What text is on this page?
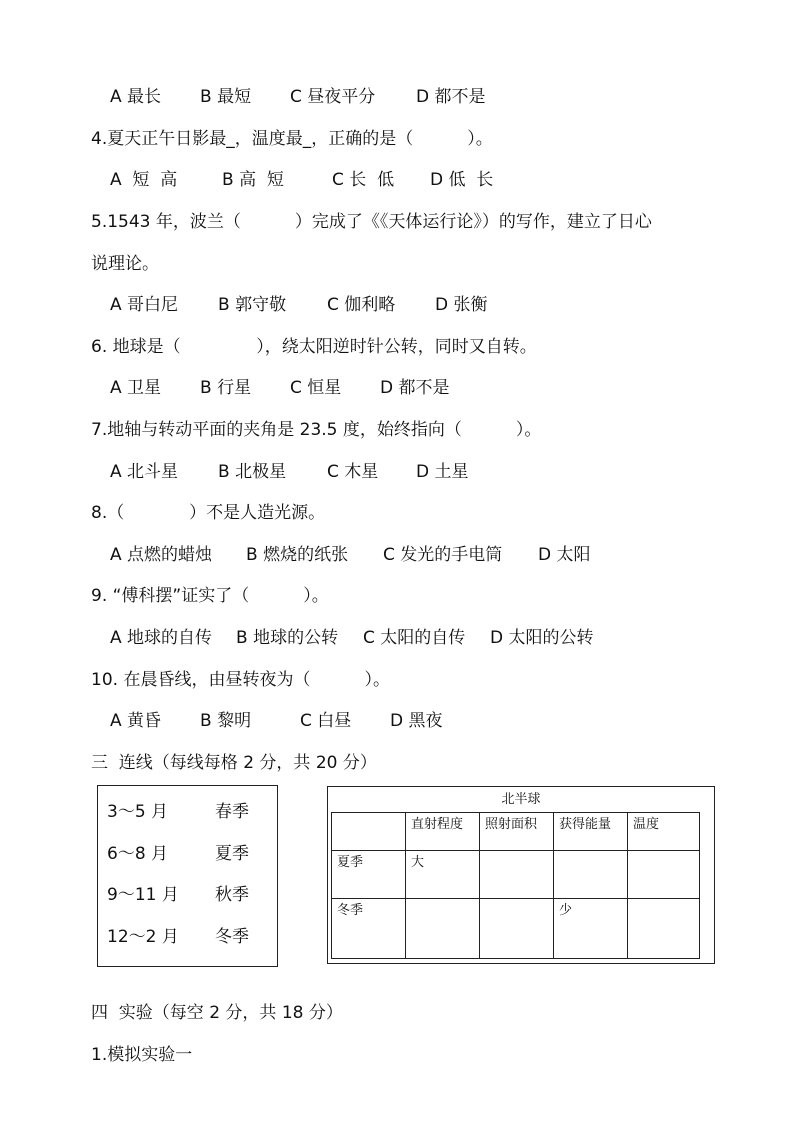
A 最长 B 最短 C 昼夜平分 D 都不是
4.夏天正午日影最_，温度最_，正确的是（          ）。
A  短  高	B 高  短	C 长  低 D 低  长
5.1543 年，波兰（          ）完成了《《天体运行论》）的写作，建立了日心
说理论。
A 哥白尼 B 郭守敬 C 伽利略 D 张衡
6. 地球是（              ），绕太阳逆时针公转，同时又自转。
A 卫星 B 行星 C 恒星 D 都不是
7.地轴与转动平面的夹角是 23.5 度，始终指向（          ）。
A 北斗星 B 北极星 C 木星 D 土星
8.（            ）不是人造光源。
A 点燃的蜡烛 B 燃烧的纸张 C 发光的手电筒 D 太阳
9. “傅科摆”证实了（          ）。
A 地球的自传 B 地球的公转 C 太阳的自传 D 太阳的公转
10. 在晨昏线，由昼转夜为（          ）。
A 黄昏 B 黎明	C 白昼 D 黑夜
三  连线（每线每格 2 分，共 20 分）
3～5 月	春季
6～8 月	夏季
9～11 月 秋季
12～2 月 冬季
北半球
	直射程度	照射面积	获得能量	温度
夏季	大			
冬季			少	
四  实验（每空 2 分，共 18 分）
1.模拟实验一
